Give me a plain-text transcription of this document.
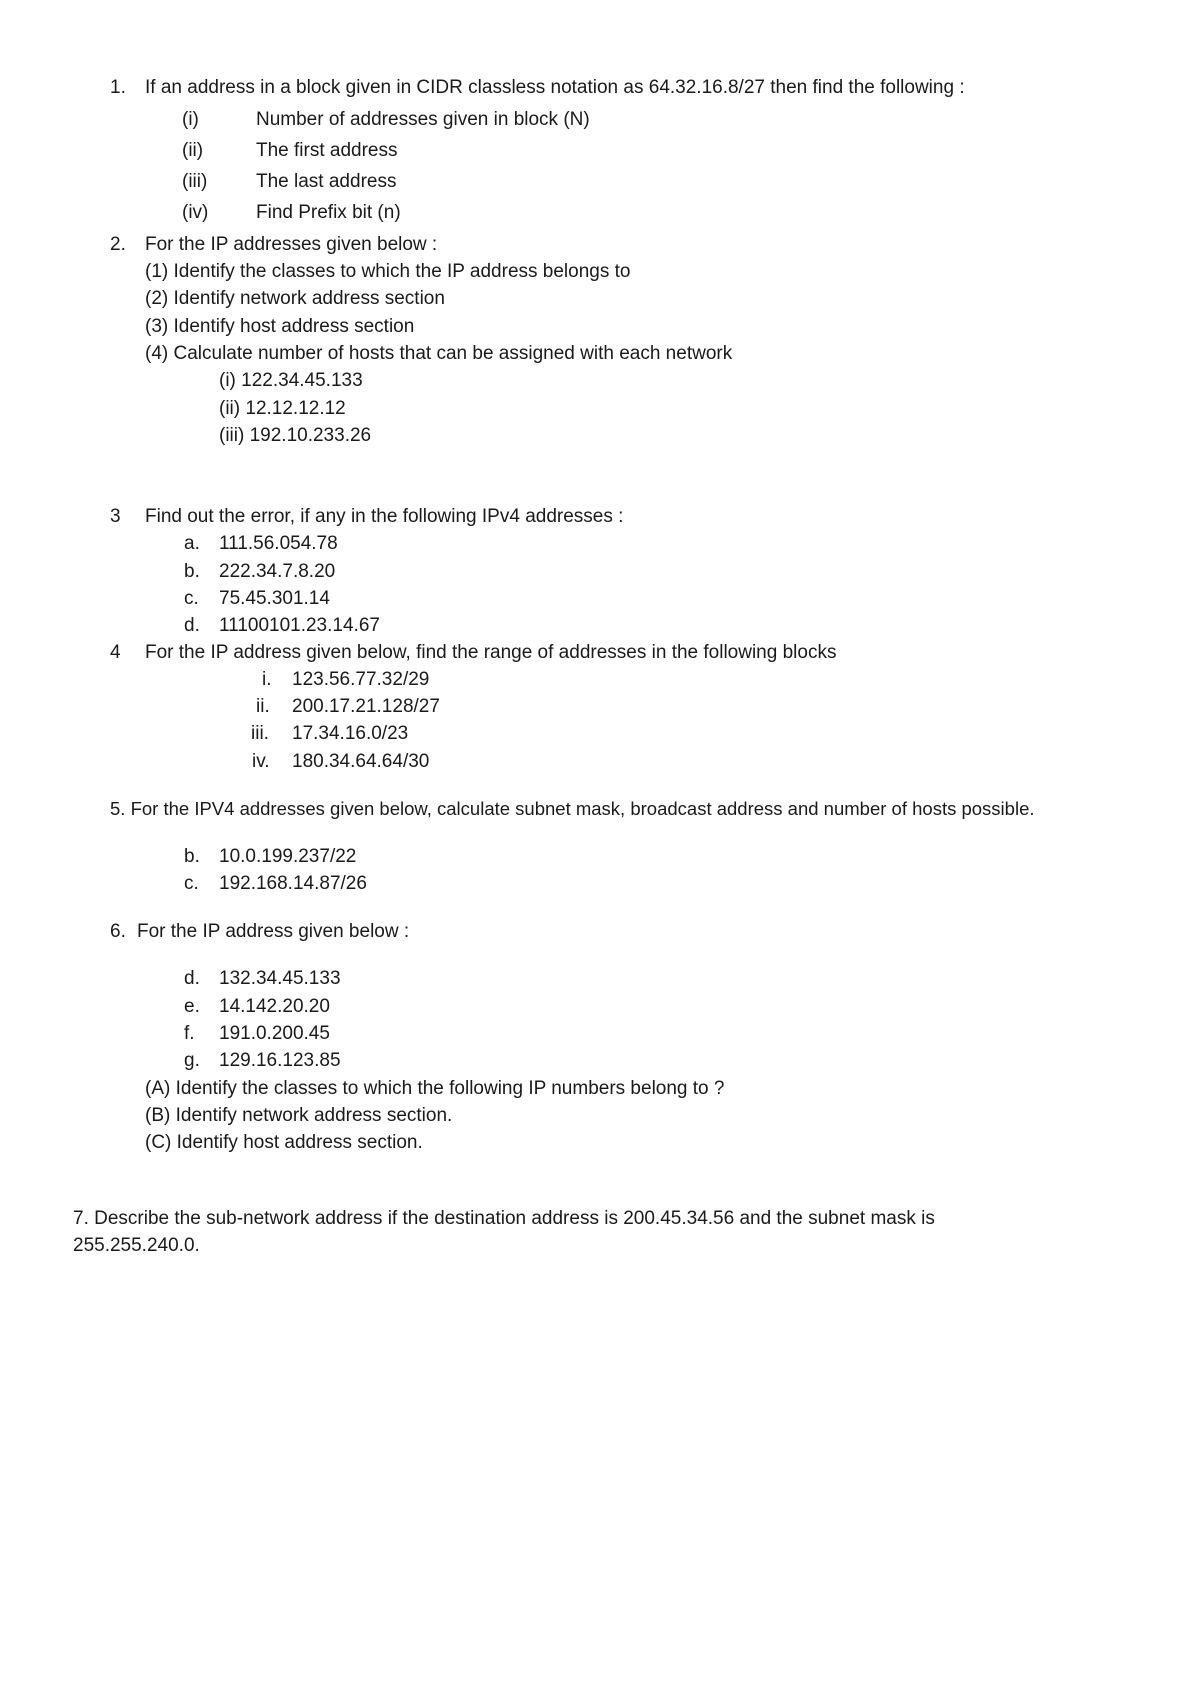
1. If an address in a block given in CIDR classless notation as 64.32.16.8/27 then find the following :
(i)	Number of addresses given in block (N)
(ii)	The first address
(iii)	The last address
(iv)	Find Prefix bit (n)
2. For the IP addresses given below :
(1) Identify the classes to which the IP address belongs to
(2) Identify network address section
(3) Identify host address section
(4) Calculate number of hosts that can be assigned with each network
(i) 122.34.45.133
(ii) 12.12.12.12
(iii) 192.10.233.26
3 Find out the error, if any in the following IPv4 addresses :
a. 111.56.054.78
b. 222.34.7.8.20
c. 75.45.301.14
d. 11100101.23.14.67
4 For the IP address given below, find the range of addresses in the following blocks
i. 123.56.77.32/29
ii. 200.17.21.128/27
iii. 17.34.16.0/23
iv. 180.34.64.64/30
5. For the IPV4 addresses given below, calculate subnet mask, broadcast address and number of hosts possible.
b. 10.0.199.237/22
c. 192.168.14.87/26
6. For the IP address given below :
d. 132.34.45.133
e. 14.142.20.20
f. 191.0.200.45
g. 129.16.123.85
(A) Identify the classes to which the following IP numbers belong to ?
(B) Identify network address section.
(C) Identify host address section.
7. Describe the sub-network address if the destination address is 200.45.34.56 and the subnet mask is
255.255.240.0.
